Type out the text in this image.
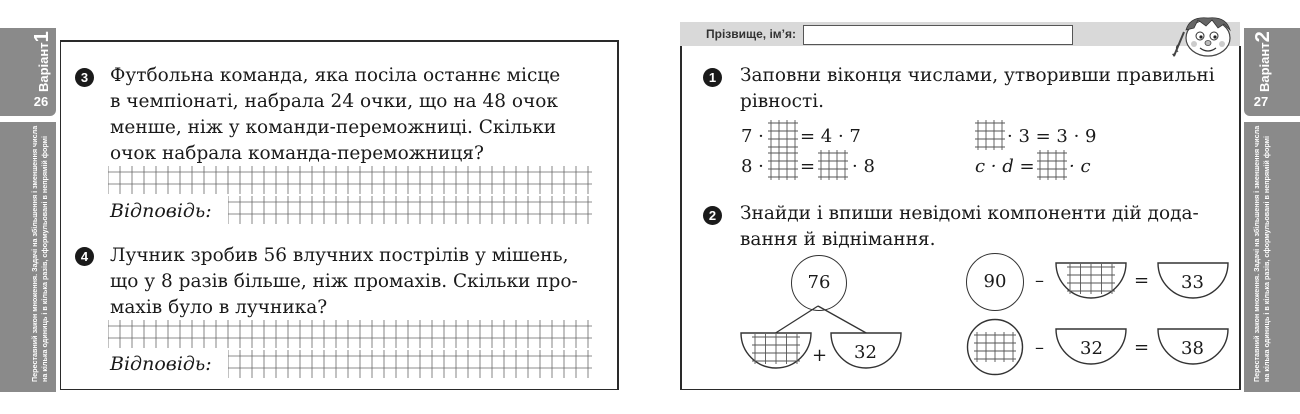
Варіант1
26
Переставний закон множення. Задачі на збільшення і зменшення числа на кілька одиниць і в кілька разів, сформульовані в непрямій формі
3	Футбольна команда, яка посіла останнє місце
в чемпіонаті, набрала 24 очки, що на 48 очок
менше, ніж у команди-переможниці. Скільки
очок набрала команда-переможниця?
Відповідь:
4	Лучник зробив 56 влучних пострілів у мішень,
що у 8 разів більше, ніж промахів. Скільки про-
махів було в лучника?
Відповідь:
Прізвище, ім’я:
Варіант2
27
Переставний закон множення. Задачі на збільшення і зменшення числа на кілька одиниць і в кілька разів, сформульовані в непрямій формі
1	Заповни віконця числами, утворивши правильні
рівності.
7 · = 4 · 7	· 3 = 3 · 9
8 · = · 8	c · d = · c
2	Знайди і впиши невідомі компоненти дій дода-
вання й віднімання.
76
+ 32
90	–	= 33
– 32 = 38
